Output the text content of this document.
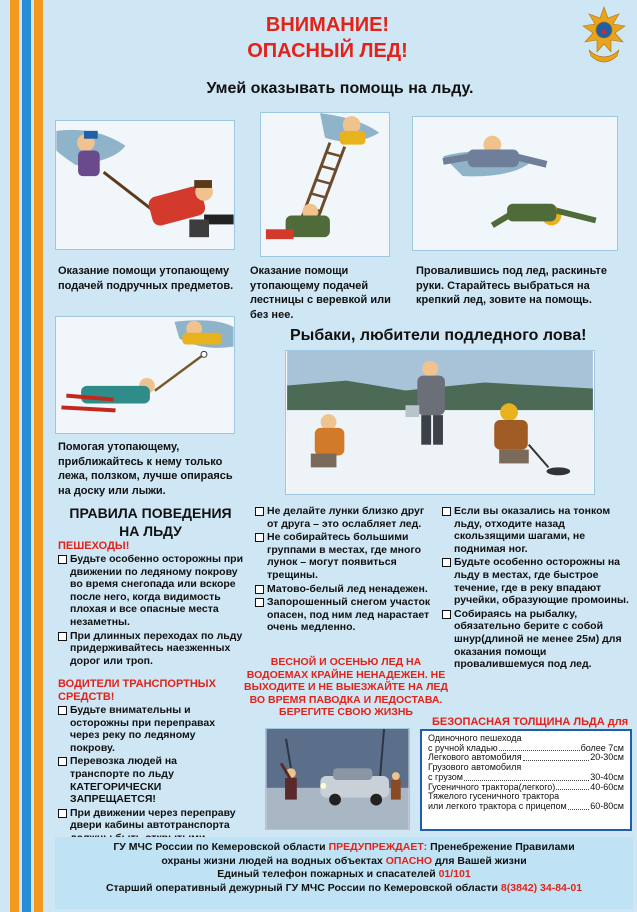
ВНИМАНИЕ!
ОПАСНЫЙ ЛЕД!
Умей оказывать помощь на льду.
Оказание помощи утопающему подачей подручных предметов.
Оказание помощи утопающему подачей лестницы с веревкой или без нее.
Провалившись под лед, раскиньте руки. Старайтесь выбраться на крепкий лед, зовите на помощь.
Помогая утопающему, приближайтесь к нему только лежа, ползком, лучше опираясь на доску или лыжи.
Рыбаки, любители подледного лова!
ПРАВИЛА ПОВЕДЕНИЯ НА ЛЬДУ
ПЕШЕХОДЫ!
Будьте особенно осторожны при движении по ледяному покрову во время снегопада или вскоре после него, когда видимость плохая и все опасные места незаметны.
При длинных переходах по льду придерживайтесь наезженных дорог или троп.
ВОДИТЕЛИ ТРАНСПОРТНЫХ СРЕДСТВ!
Будьте внимательны и осторожны при переправах через реку по ледяному покрову.
Перевозка людей на транспорте по льду КАТЕГОРИЧЕСКИ ЗАПРЕЩАЕТСЯ!
При движении через переправу двери кабины автотранспорта
Не делайте лунки близко друг от друга – это ослабляет лед.
Не собирайтесь большими группами в местах, где много лунок – могут появиться трещины.
Матово-белый лед ненадежен.
Запорошенный снегом участок опасен, под ним лед нарастает очень медленно.
Если вы оказались на тонком льду, отходите назад скользящими шагами, не поднимая ног.
Будьте особенно осторожны на льду в местах, где быстрое течение, где в реку впадают ручейки, образующие промоины.
Собираясь на рыбалку, обязательно берите с собой шнур(длиной не менее 25м) для оказания помощи провалившемуся под лед.
ВЕСНОЙ И ОСЕНЬЮ ЛЕД НА ВОДОЕМАХ КРАЙНЕ НЕНАДЕЖЕН. НЕ ВЫХОДИТЕ И НЕ ВЫЕЗЖАЙТЕ НА ЛЕД ВО ВРЕМЯ ПАВОДКА И ЛЕДОСТАВА. БЕРЕГИТЕ СВОЮ ЖИЗНЬ
БЕЗОПАСНАЯ ТОЛЩИНА ЛЬДА для
Одиночного пешехода
с ручной кладью	более 7см
Легкового автомобиля	20-30см
Грузового автомобиля
с грузом	30-40см
Гусеничного трактора(легкого)	40-60см
Тяжелого гусеничного трактора
или легкого трактора с прицепом	60-80см
ГУ МЧС России по Кемеровской области ПРЕДУПРЕЖДАЕТ: Пренебрежение Правилами
охраны жизни людей на водных объектах ОПАСНО для Вашей жизни
Единый телефон пожарных и спасателей 01/101
Старший оперативный дежурный ГУ МЧС России по Кемеровской области 8(3842) 34-84-01
